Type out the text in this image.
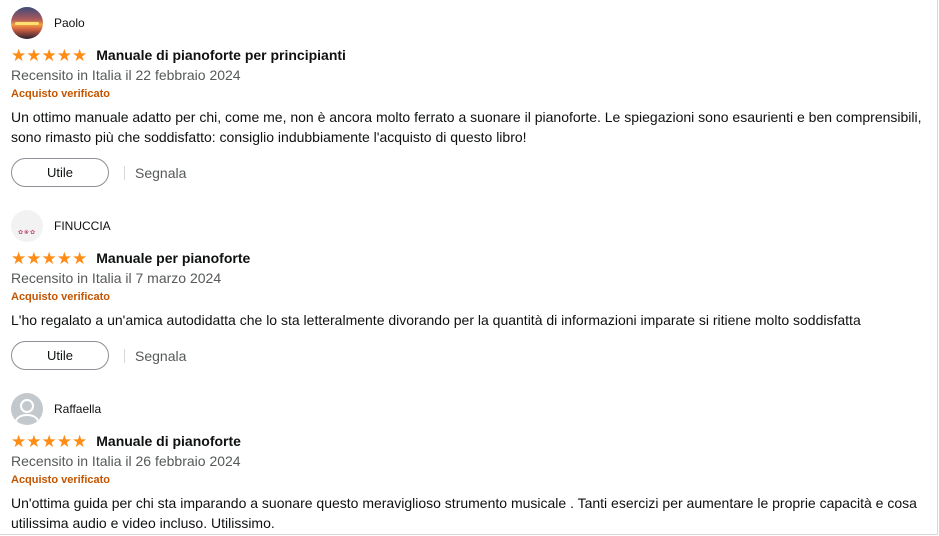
Paolo
★ ★ ★ ★ ★ Manuale di pianoforte per principianti
Recensito in Italia il 22 febbraio 2024
Acquisto verificato
Un ottimo manuale adatto per chi, come me, non è ancora molto ferrato a suonare il pianoforte. Le spiegazioni sono esaurienti e ben comprensibili, sono rimasto più che soddisfatto: consiglio indubbiamente l'acquisto di questo libro!
Utile	Segnala
✿❀✿ FINUCCIA
★ ★ ★ ★ ★ Manuale per pianoforte
Recensito in Italia il 7 marzo 2024
Acquisto verificato
L'ho regalato a un'amica autodidatta che lo sta letteralmente divorando per la quantità di informazioni imparate si ritiene molto soddisfatta
Utile	Segnala
Raffaella
★ ★ ★ ★ ★ Manuale di pianoforte
Recensito in Italia il 26 febbraio 2024
Acquisto verificato
Un'ottima guida per chi sta imparando a suonare questo meraviglioso strumento musicale . Tanti esercizi per aumentare le proprie capacità e cosa utilissima audio e video incluso. Utilissimo.
